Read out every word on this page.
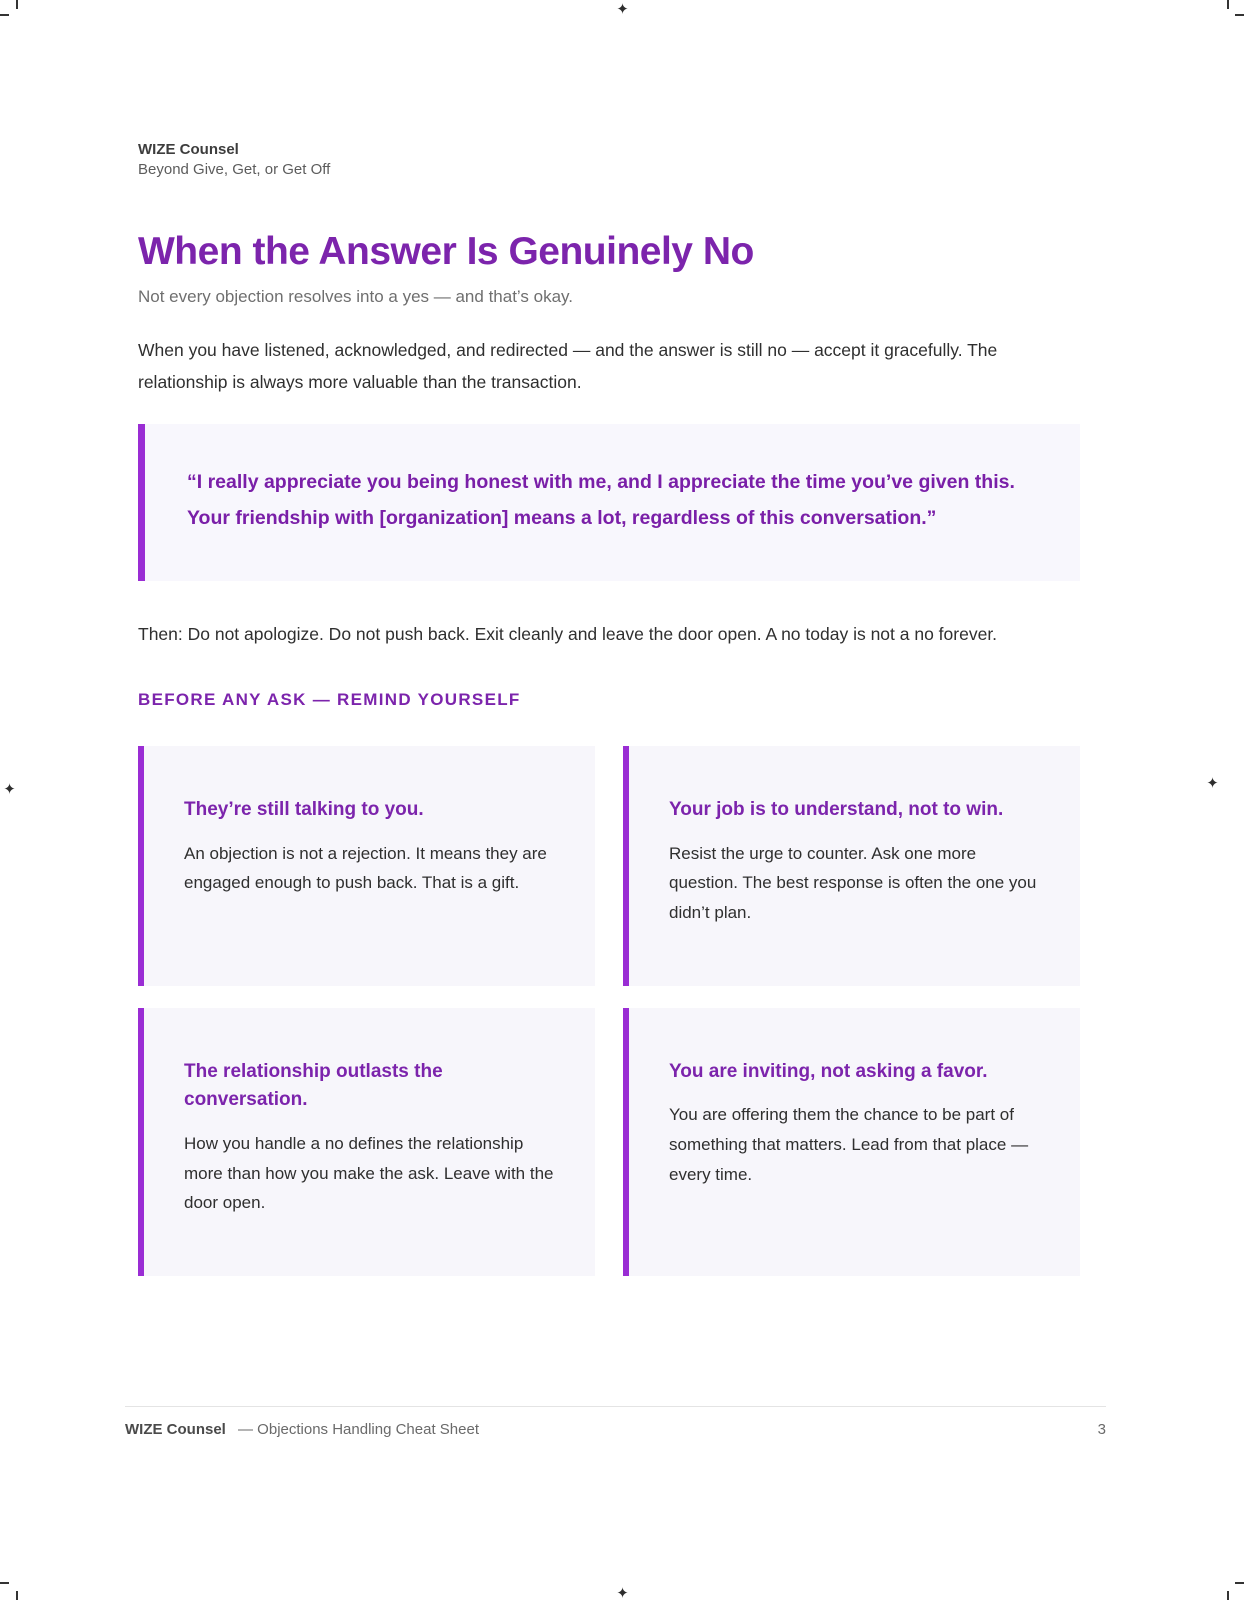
✦
✦
✦	✦
WIZE Counsel
Beyond Give, Get, or Get Off
When the Answer Is Genuinely No
Not every objection resolves into a yes — and that’s okay.

When you have listened, acknowledged, and redirected — and the answer is still no — accept it gracefully. The relationship is always more valuable than the transaction.

“I really appreciate you being honest with me, and I appreciate the time you’ve given this. Your friendship with [organization] means a lot, regardless of this conversation.”

Then: Do not apologize. Do not push back. Exit cleanly and leave the door open. A no today is not a no forever.

BEFORE ANY ASK — REMIND YOURSELF
They’re still talking to you.
An objection is not a rejection. It means they are engaged enough to push back. That is a gift.
Your job is to understand, not to win.
Resist the urge to counter. Ask one more question. The best response is often the one you didn’t plan.
The relationship outlasts the conversation.
How you handle a no defines the relationship more than how you make the ask. Leave with the door open.
You are inviting, not asking a favor.
You are offering them the chance to be part of something that matters. Lead from that place — every time.
WIZE Counsel — Objections Handling Cheat Sheet	3
